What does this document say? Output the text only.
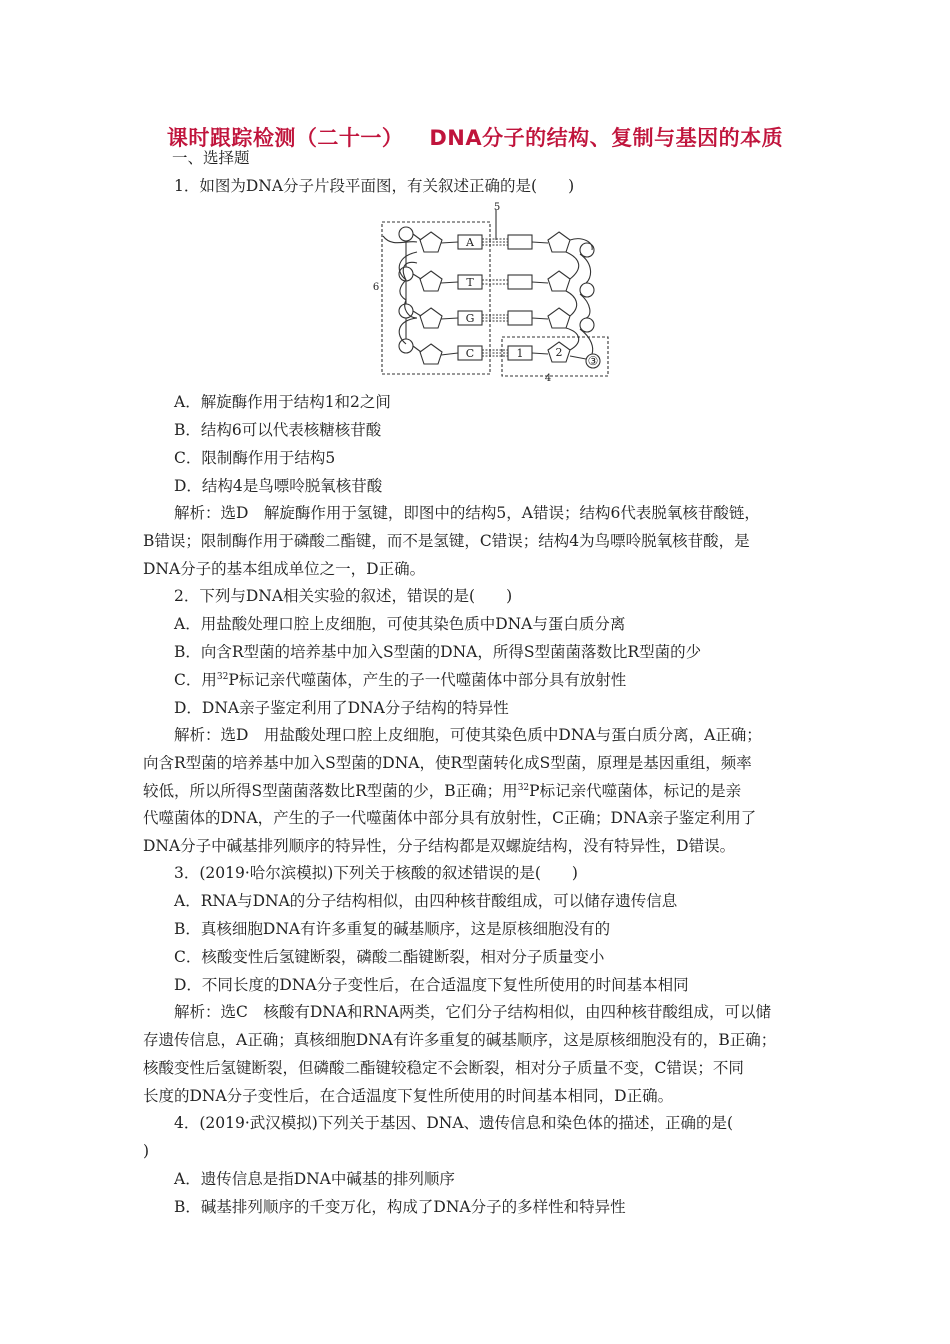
课时跟踪检测（二十一） DNA分子的结构、复制与基因的本质
一、选择题
1．如图为DNA分子片段平面图，有关叙述正确的是(　　)
A
T
G
C	1	2
③
5
6
4
A．解旋酶作用于结构1和2之间
B．结构6可以代表核糖核苷酸
C．限制酶作用于结构5
D．结构4是鸟嘌呤脱氧核苷酸
解析：选D　解旋酶作用于氢键，即图中的结构5，A错误；结构6代表脱氧核苷酸链，
B错误；限制酶作用于磷酸二酯键，而不是氢键，C错误；结构4为鸟嘌呤脱氧核苷酸，是
DNA分子的基本组成单位之一，D正确。
2．下列与DNA相关实验的叙述，错误的是(　　)
A．用盐酸处理口腔上皮细胞，可使其染色质中DNA与蛋白质分离
B．向含R型菌的培养基中加入S型菌的DNA，所得S型菌菌落数比R型菌的少
C．用$^{32}$P标记亲代噬菌体，产生的子一代噬菌体中部分具有放射性
D．DNA亲子鉴定利用了DNA分子结构的特异性
解析：选D　用盐酸处理口腔上皮细胞，可使其染色质中DNA与蛋白质分离，A正确；
向含R型菌的培养基中加入S型菌的DNA，使R型菌转化成S型菌，原理是基因重组，频率
较低，所以所得S型菌菌落数比R型菌的少，B正确；用$^{32}$P标记亲代噬菌体，标记的是亲
代噬菌体的DNA，产生的子一代噬菌体中部分具有放射性，C正确；DNA亲子鉴定利用了
DNA分子中碱基排列顺序的特异性，分子结构都是双螺旋结构，没有特异性，D错误。
3．(2019·哈尔滨模拟)下列关于核酸的叙述错误的是(　　)
A．RNA与DNA的分子结构相似，由四种核苷酸组成，可以储存遗传信息
B．真核细胞DNA有许多重复的碱基顺序，这是原核细胞没有的
C．核酸变性后氢键断裂，磷酸二酯键断裂，相对分子质量变小
D．不同长度的DNA分子变性后，在合适温度下复性所使用的时间基本相同
解析：选C　核酸有DNA和RNA两类，它们分子结构相似，由四种核苷酸组成，可以储
存遗传信息，A正确；真核细胞DNA有许多重复的碱基顺序，这是原核细胞没有的，B正确；
核酸变性后氢键断裂，但磷酸二酯键较稳定不会断裂，相对分子质量不变，C错误；不同
长度的DNA分子变性后，在合适温度下复性所使用的时间基本相同，D正确。
4．(2019·武汉模拟)下列关于基因、DNA、遗传信息和染色体的描述，正确的是(
)
A．遗传信息是指DNA中碱基的排列顺序
B．碱基排列顺序的千变万化，构成了DNA分子的多样性和特异性
